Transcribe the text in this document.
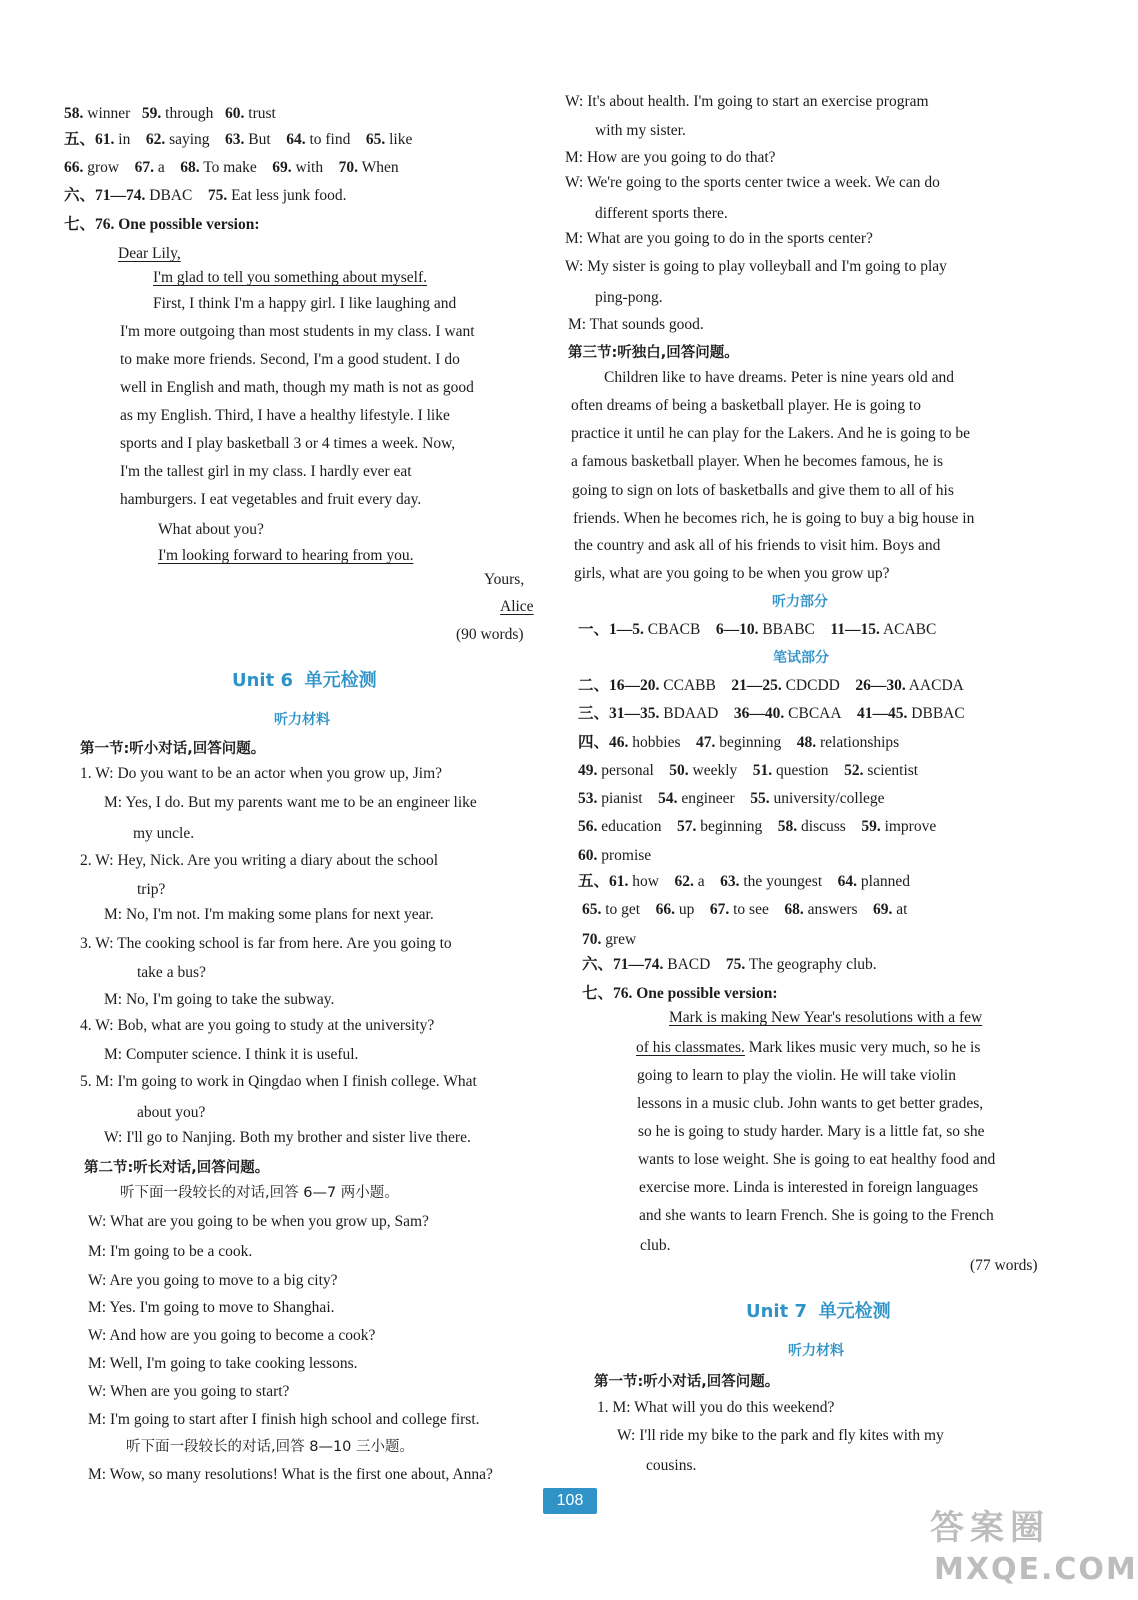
58. winner 59. through 60. trust
五、61. in 62. saying 63. But 64. to find 65. like
66. grow 67. a 68. To make 69. with 70. When
六、71—74. DBAC 75. Eat less junk food.
七、76. One possible version:
Dear Lily,
I'm glad to tell you something about myself.
First, I think I'm a happy girl. I like laughing and
I'm more outgoing than most students in my class. I want
to make more friends. Second, I'm a good student. I do
well in English and math, though my math is not as good
as my English. Third, I have a healthy lifestyle. I like
sports and I play basketball 3 or 4 times a week. Now,
I'm the tallest girl in my class. I hardly ever eat
hamburgers. I eat vegetables and fruit every day.
What about you?
I'm looking forward to hearing from you.
Yours,
Alice
(90 words)
Unit 6 单元检测
听力材料
第一节:听小对话,回答问题。
1. W: Do you want to be an actor when you grow up, Jim?
M: Yes, I do. But my parents want me to be an engineer like
my uncle.
2. W: Hey, Nick. Are you writing a diary about the school
trip?
M: No, I'm not. I'm making some plans for next year.
3. W: The cooking school is far from here. Are you going to
take a bus?
M: No, I'm going to take the subway.
4. W: Bob, what are you going to study at the university?
M: Computer science. I think it is useful.
5. M: I'm going to work in Qingdao when I finish college. What
about you?
W: I'll go to Nanjing. Both my brother and sister live there.
第二节:听长对话,回答问题。
听下面一段较长的对话,回答 6—7 两小题。
W: What are you going to be when you grow up, Sam?
M: I'm going to be a cook.
W: Are you going to move to a big city?
M: Yes. I'm going to move to Shanghai.
W: And how are you going to become a cook?
M: Well, I'm going to take cooking lessons.
W: When are you going to start?
M: I'm going to start after I finish high school and college first.
听下面一段较长的对话,回答 8—10 三小题。
M: Wow, so many resolutions! What is the first one about, Anna?
W: It's about health. I'm going to start an exercise program
with my sister.
M: How are you going to do that?
W: We're going to the sports center twice a week. We can do
different sports there.
M: What are you going to do in the sports center?
W: My sister is going to play volleyball and I'm going to play
ping-pong.
M: That sounds good.
第三节:听独白,回答问题。
Children like to have dreams. Peter is nine years old and
often dreams of being a basketball player. He is going to
practice it until he can play for the Lakers. And he is going to be
a famous basketball player. When he becomes famous, he is
going to sign on lots of basketballs and give them to all of his
friends. When he becomes rich, he is going to buy a big house in
the country and ask all of his friends to visit him. Boys and
girls, what are you going to be when you grow up?
听力部分
一、1—5. CBACB 6—10. BBABC 11—15. ACABC
笔试部分
二、16—20. CCABB 21—25. CDCDD 26—30. AACDA
三、31—35. BDAAD 36—40. CBCAA 41—45. DBBAC
四、46. hobbies 47. beginning 48. relationships
49. personal 50. weekly 51. question 52. scientist
53. pianist 54. engineer 55. university/college
56. education 57. beginning 58. discuss 59. improve
60. promise
五、61. how 62. a 63. the youngest 64. planned
65. to get 66. up 67. to see 68. answers 69. at
70. grew
六、71—74. BACD 75. The geography club.
七、76. One possible version:
Mark is making New Year's resolutions with a few
of his classmates. Mark likes music very much, so he is
going to learn to play the violin. He will take violin
lessons in a music club. John wants to get better grades,
so he is going to study harder. Mary is a little fat, so she
wants to lose weight. She is going to eat healthy food and
exercise more. Linda is interested in foreign languages
and she wants to learn French. She is going to the French
club.
(77 words)
Unit 7 单元检测
听力材料
第一节:听小对话,回答问题。
1. M: What will you do this weekend?
W: I'll ride my bike to the park and fly kites with my
cousins.
108
答案圈
MXQE.COM
